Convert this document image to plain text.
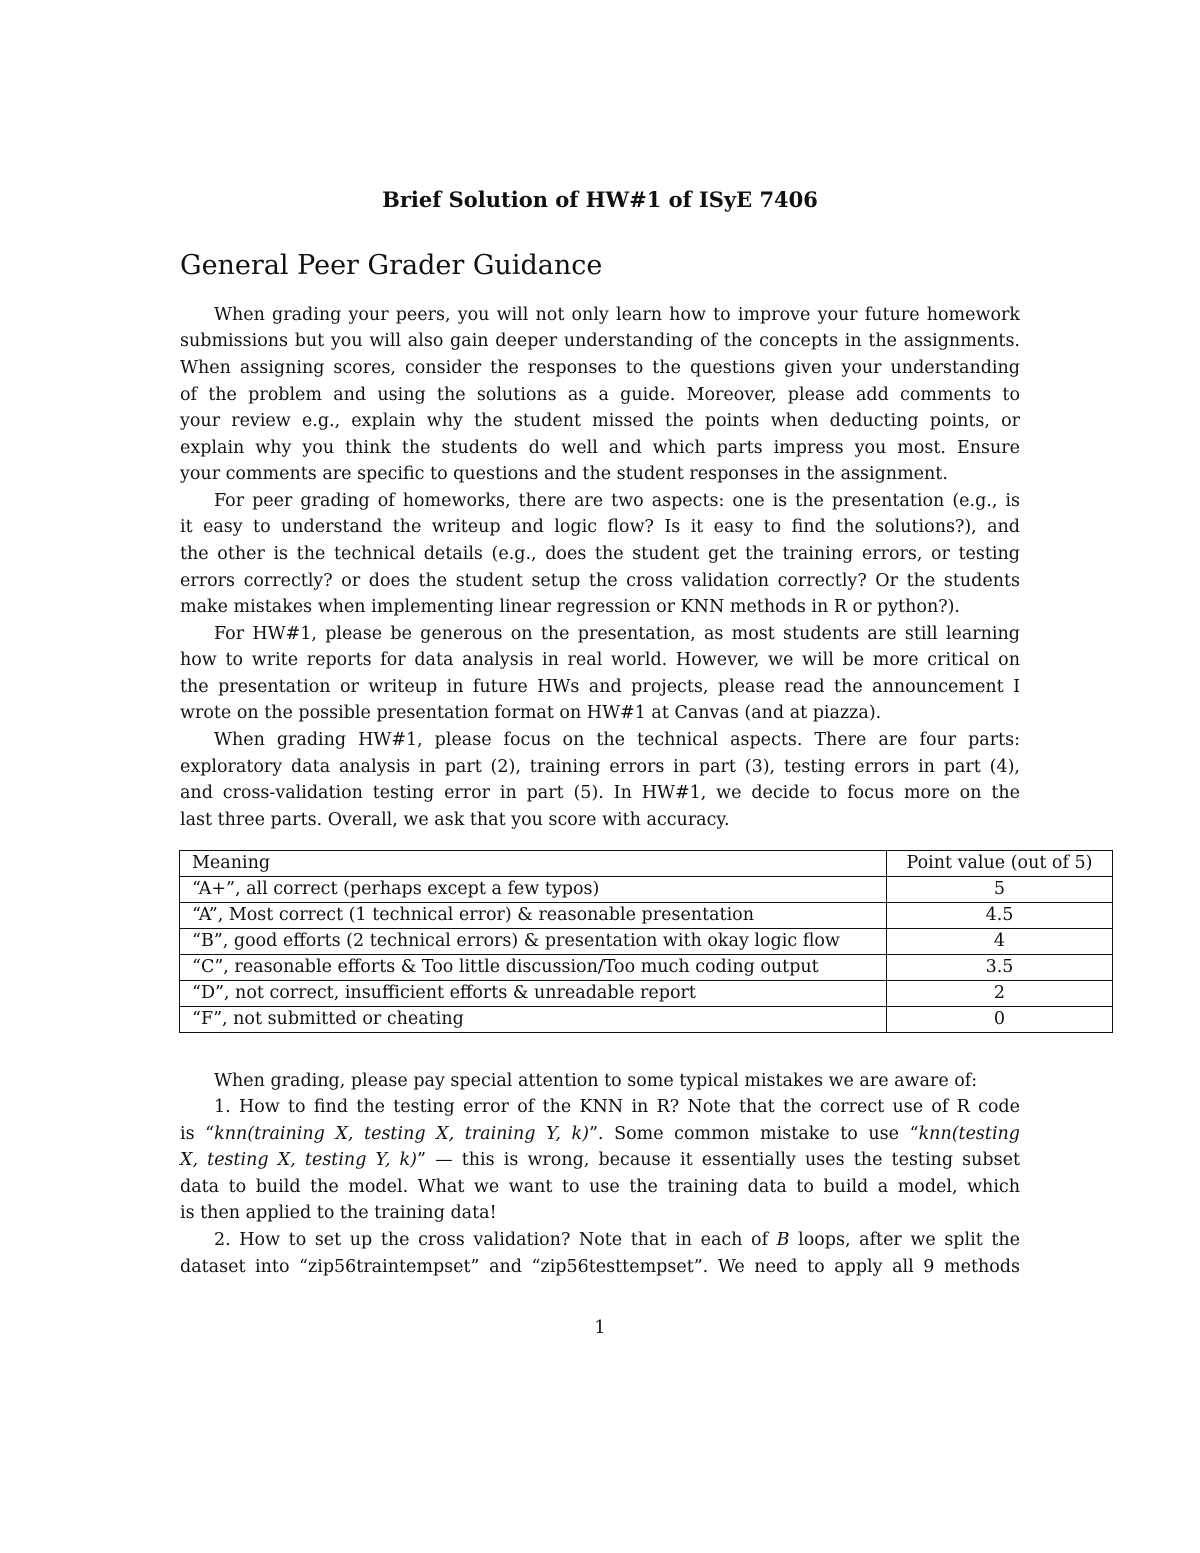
Brief Solution of HW#1 of ISyE 7406
General Peer Grader Guidance
When grading your peers, you will not only learn how to improve your future homework
submissions but you will also gain deeper understanding of the concepts in the assignments.
When assigning scores, consider the responses to the questions given your understanding
of the problem and using the solutions as a guide. Moreover, please add comments to
your review e.g., explain why the student missed the points when deducting points, or
explain why you think the students do well and which parts impress you most. Ensure
your comments are specific to questions and the student responses in the assignment.
For peer grading of homeworks, there are two aspects: one is the presentation (e.g., is
it easy to understand the writeup and logic flow? Is it easy to find the solutions?), and
the other is the technical details (e.g., does the student get the training errors, or testing
errors correctly? or does the student setup the cross validation correctly? Or the students
make mistakes when implementing linear regression or KNN methods in R or python?).
For HW#1, please be generous on the presentation, as most students are still learning
how to write reports for data analysis in real world. However, we will be more critical on
the presentation or writeup in future HWs and projects, please read the announcement I
wrote on the possible presentation format on HW#1 at Canvas (and at piazza).
When grading HW#1, please focus on the technical aspects. There are four parts:
exploratory data analysis in part (2), training errors in part (3), testing errors in part (4),
and cross-validation testing error in part (5). In HW#1, we decide to focus more on the
last three parts. Overall, we ask that you score with accuracy.
Meaning	Point value (out of 5)
“A+”, all correct (perhaps except a few typos)	5
“A”, Most correct (1 technical error) & reasonable presentation	4.5
“B”, good efforts (2 technical errors) & presentation with okay logic flow	4
“C”, reasonable efforts & Too little discussion/Too much coding output	3.5
“D”, not correct, insufficient efforts & unreadable report	2
“F”, not submitted or cheating	0
When grading, please pay special attention to some typical mistakes we are aware of:
1. How to find the testing error of the KNN in R? Note that the correct use of R code
is “knn(training X, testing X, training Y, k)”. Some common mistake to use “knn(testing
X, testing X, testing Y, k)” — this is wrong, because it essentially uses the testing subset
data to build the model. What we want to use the training data to build a model, which
is then applied to the training data!
2. How to set up the cross validation? Note that in each of B loops, after we split the
dataset into “zip56traintempset” and “zip56testtempset”. We need to apply all 9 methods
1
